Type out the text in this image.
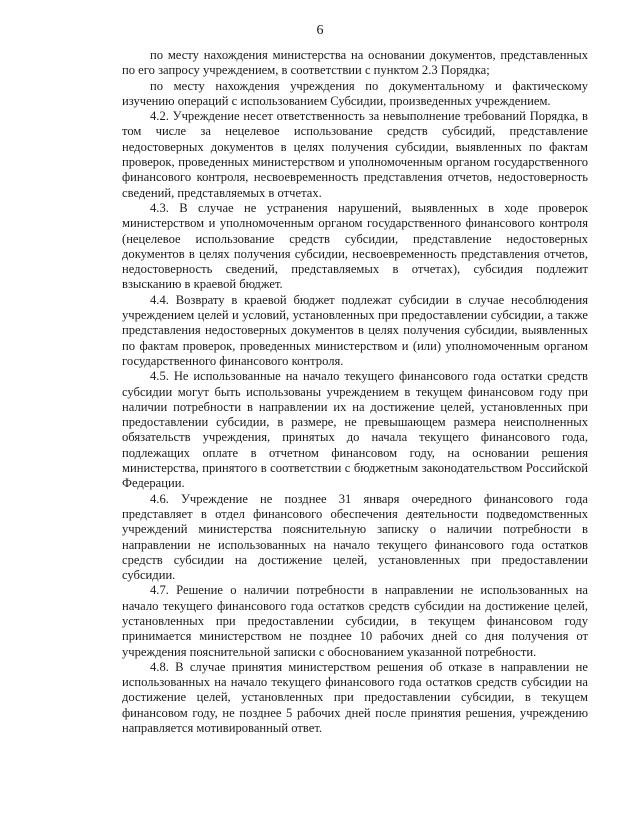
6

по месту нахождения министерства на основании документов, представленных по его запросу учреждением, в соответствии с пунктом 2.3 Порядка;

по месту нахождения учреждения по документальному и фактическому изучению операций с использованием Субсидии, произведенных учреждением.

4.2. Учреждение несет ответственность за невыполнение требований Порядка, в том числе за нецелевое использование средств субсидий, представление недостоверных документов в целях получения субсидии, выявленных по фактам проверок, проведенных министерством и уполномоченным органом государственного финансового контроля, несвоевременность представления отчетов, недостоверность сведений, представляемых в отчетах.

4.3. В случае не устранения нарушений, выявленных в ходе проверок министерством и уполномоченным органом государственного финансового контроля (нецелевое использование средств субсидии, представление недостоверных документов в целях получения субсидии, несвоевременность представления отчетов, недостоверность сведений, представляемых в отчетах), субсидия подлежит взысканию в краевой бюджет.

4.4. Возврату в краевой бюджет подлежат субсидии в случае несоблюдения учреждением целей и условий, установленных при предоставлении субсидии, а также представления недостоверных документов в целях получения субсидии, выявленных по фактам проверок, проведенных министерством и (или) уполномоченным органом государственного финансового контроля.

4.5. Не использованные на начало текущего финансового года остатки средств субсидии могут быть использованы учреждением в текущем финансовом году при наличии потребности в направлении их на достижение целей, установленных при предоставлении субсидии, в размере, не превышающем размера неисполненных обязательств учреждения, принятых до начала текущего финансового года, подлежащих оплате в отчетном финансовом году, на основании решения министерства, принятого в соответствии с бюджетным законодательством Российской Федерации.

4.6. Учреждение не позднее 31 января очередного финансового года представляет в отдел финансового обеспечения деятельности подведомственных учреждений министерства пояснительную записку о наличии потребности в направлении не использованных на начало текущего финансового года остатков средств субсидии на достижение целей, установленных при предоставлении субсидии.

4.7. Решение о наличии потребности в направлении не использованных на начало текущего финансового года остатков средств субсидии на достижение целей, установленных при предоставлении субсидии, в текущем финансовом году принимается министерством не позднее 10 рабочих дней со дня получения от учреждения пояснительной записки с обоснованием указанной потребности.

4.8. В случае принятия министерством решения об отказе в направлении не использованных на начало текущего финансового года остатков средств субсидии на достижение целей, установленных при предоставлении субсидии, в текущем финансовом году, не позднее 5 рабочих дней после принятия решения, учреждению направляется мотивированный ответ.
